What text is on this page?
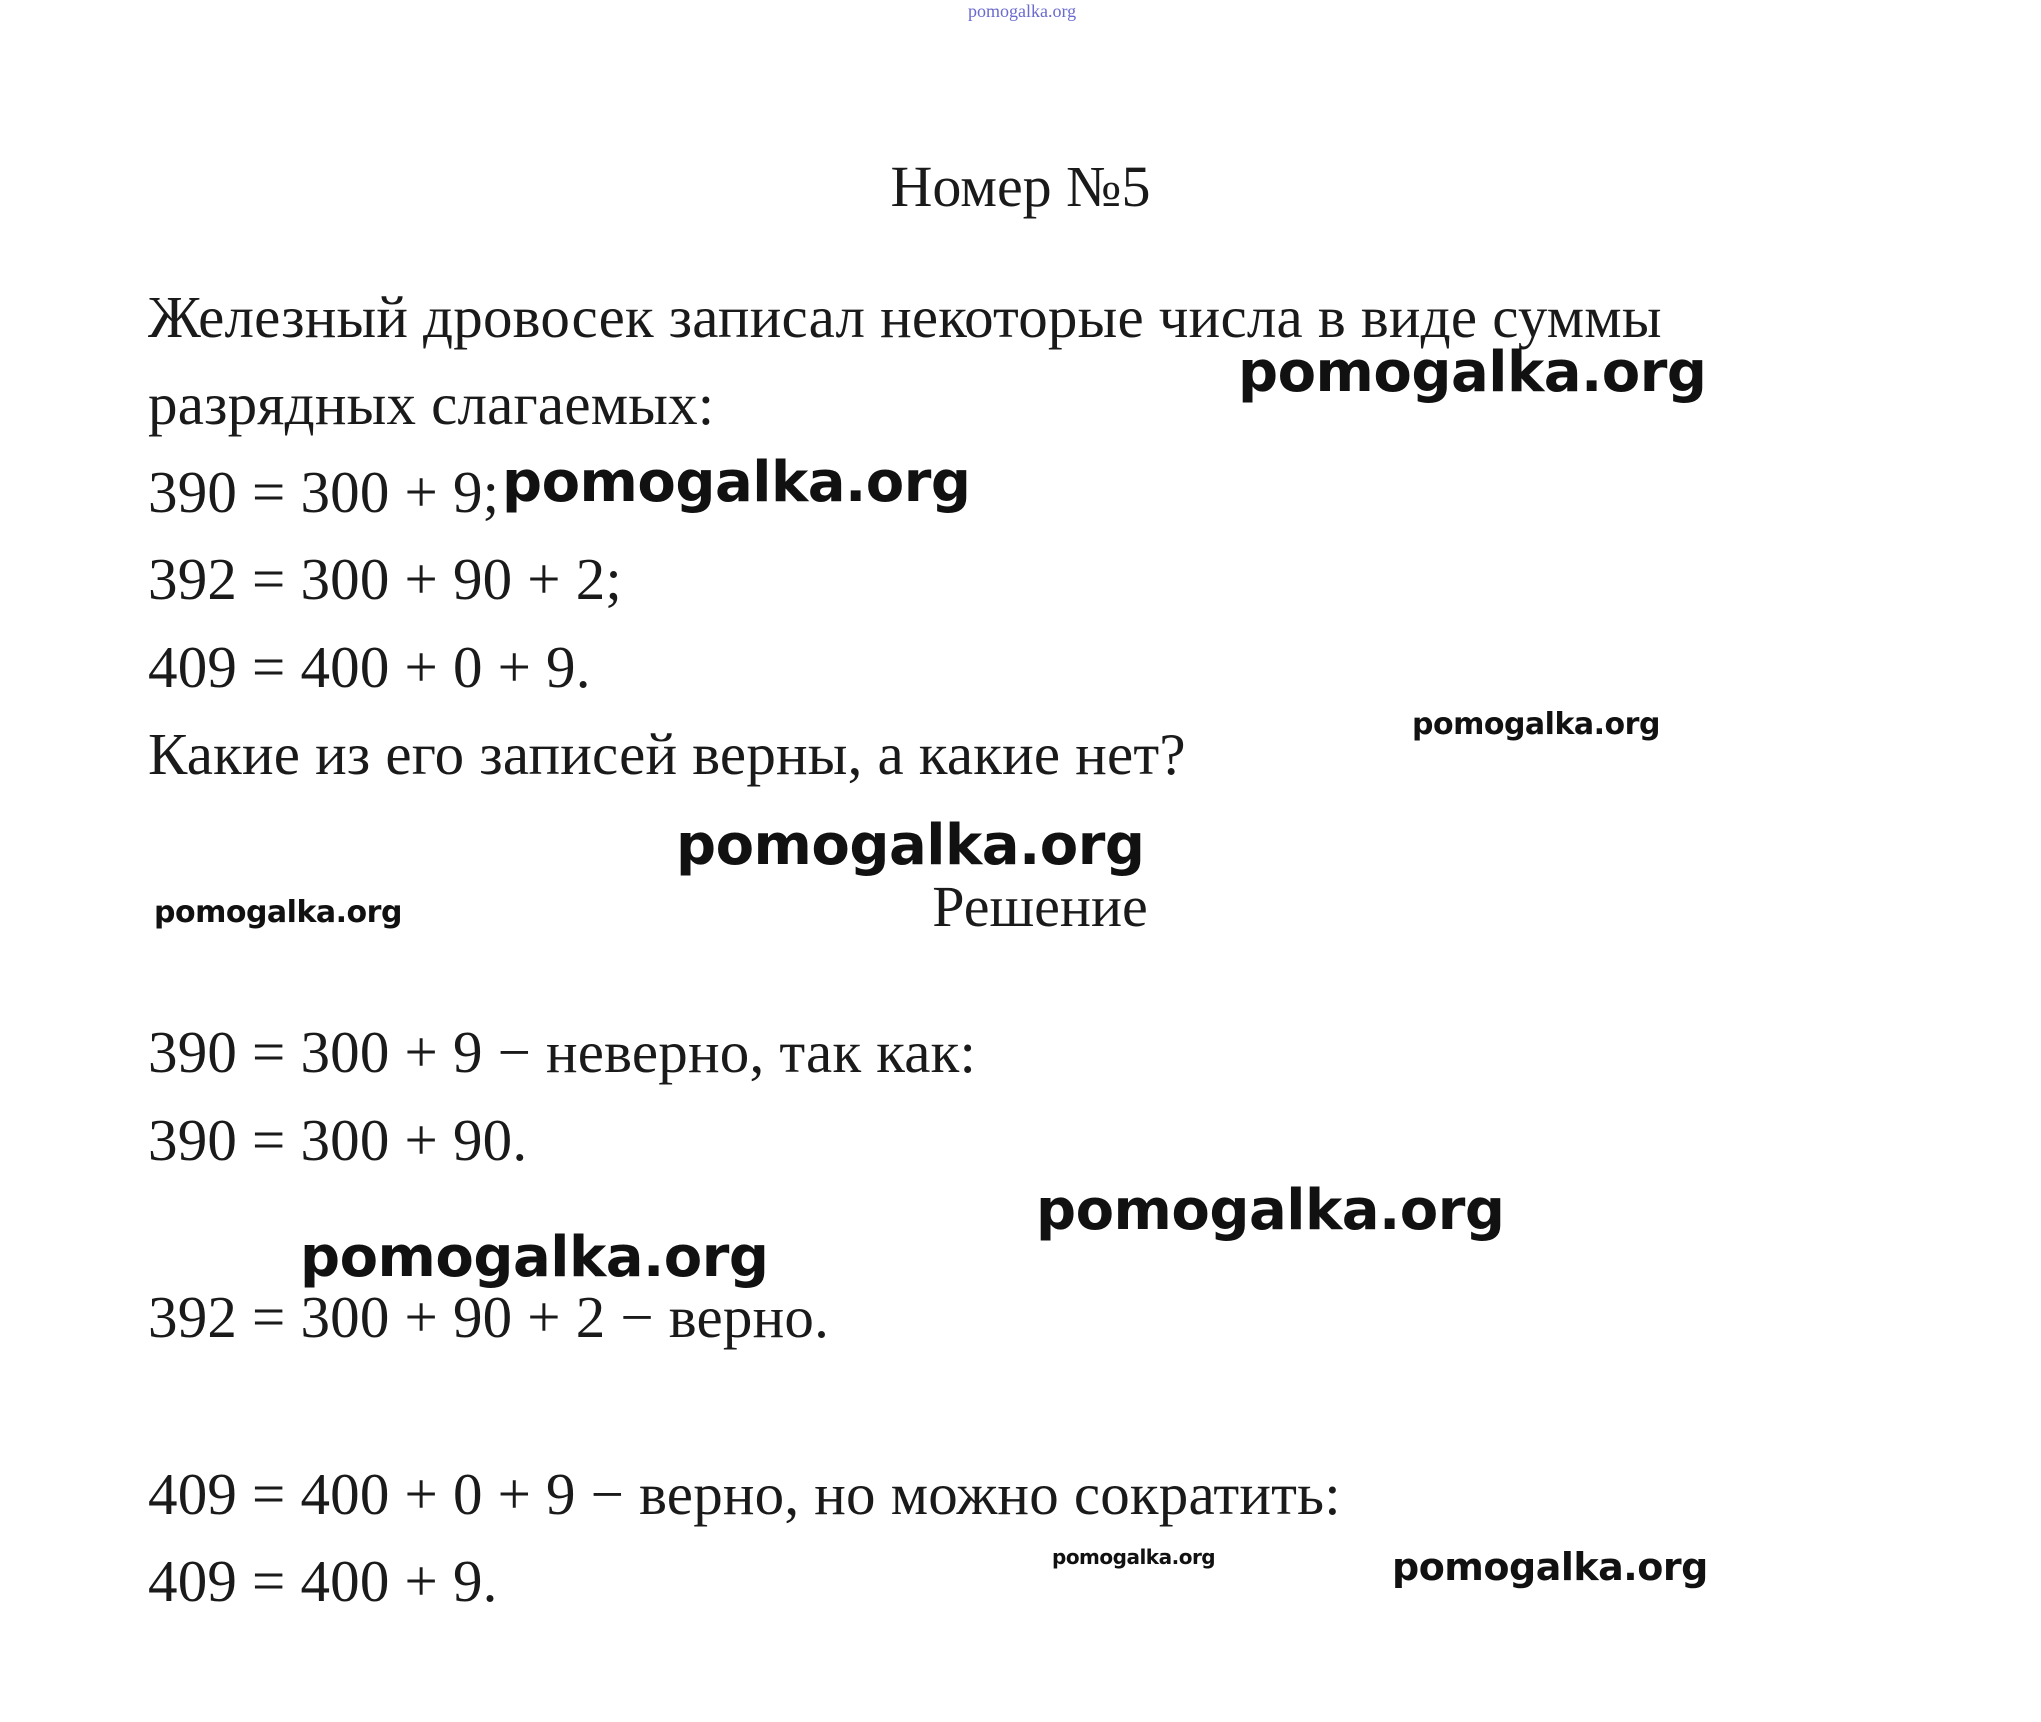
pomogalka.org
Номер №5
Железный дровосек записал некоторые числа в виде суммы
разрядных слагаемых:
390 = 300 + 9;
392 = 300 + 90 + 2;
409 = 400 + 0 + 9.
Какие из его записей верны, а какие нет?
Решение
390 = 300 + 9 − неверно, так как:
390 = 300 + 90.
392 = 300 + 90 + 2 − верно.
409 = 400 + 0 + 9 − верно, но можно сократить:
409 = 400 + 9.
pomogalka.org
pomogalka.org
pomogalka.org
pomogalka.org
pomogalka.org
pomogalka.org
pomogalka.org
pomogalka.org	pomogalka.org
